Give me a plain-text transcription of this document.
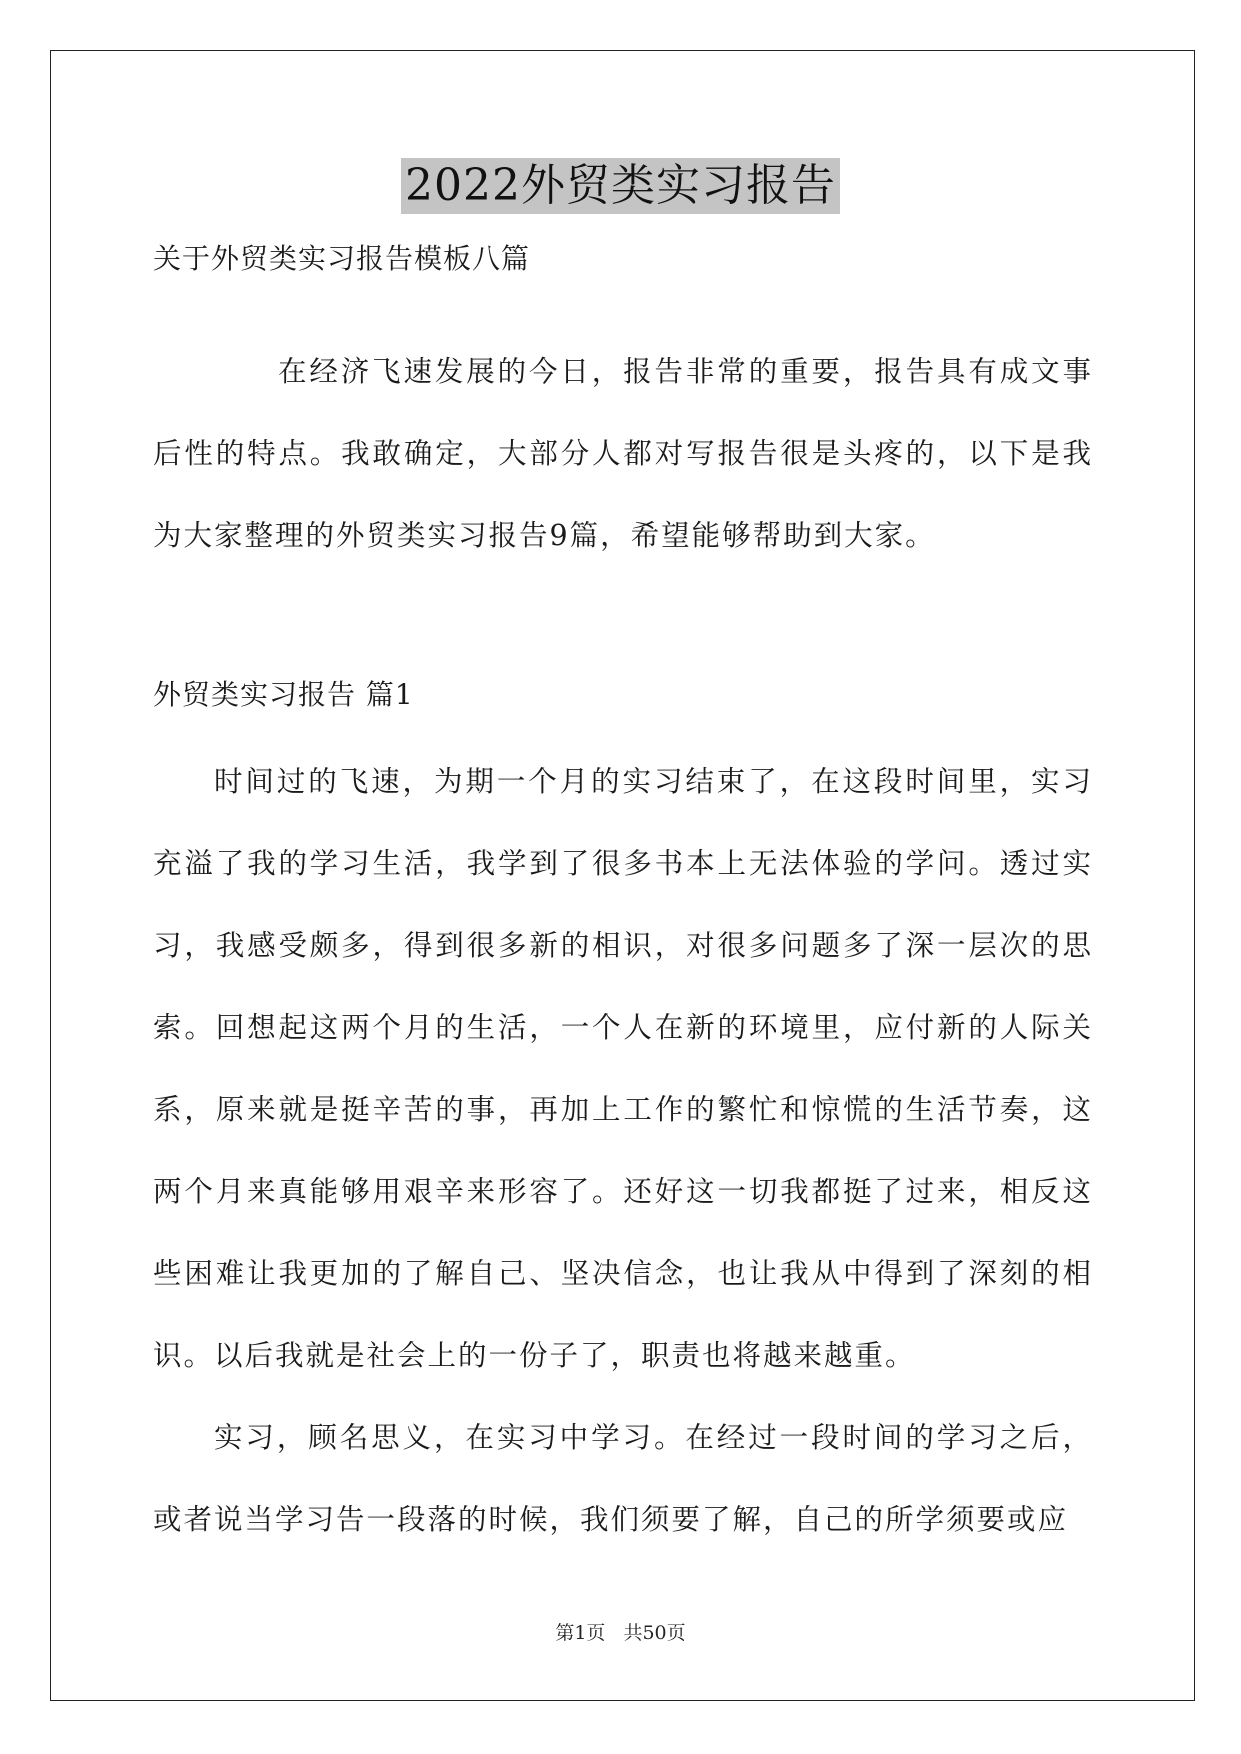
2022外贸类实习报告
关于外贸类实习报告模板八篇

在经济飞速发展的今日，报告非常的重要，报告具有成文事后性的特点。我敢确定，大部分人都对写报告很是头疼的，以下是我为大家整理的外贸类实习报告9篇，希望能够帮助到大家。

外贸类实习报告 篇1

时间过的飞速，为期一个月的实习结束了，在这段时间里，实习充溢了我的学习生活，我学到了很多书本上无法体验的学问。透过实习，我感受颇多，得到很多新的相识，对很多问题多了深一层次的思索。回想起这两个月的生活，一个人在新的环境里，应付新的人际关系，原来就是挺辛苦的事，再加上工作的繁忙和惊慌的生活节奏，这两个月来真能够用艰辛来形容了。还好这一切我都挺了过来，相反这些困难让我更加的了解自己、坚决信念，也让我从中得到了深刻的相识。以后我就是社会上的一份子了，职责也将越来越重。

实习，顾名思义，在实习中学习。在经过一段时间的学习之后，或者说当学习告一段落的时候，我们须要了解，自己的所学须要或应

第1页 共50页
